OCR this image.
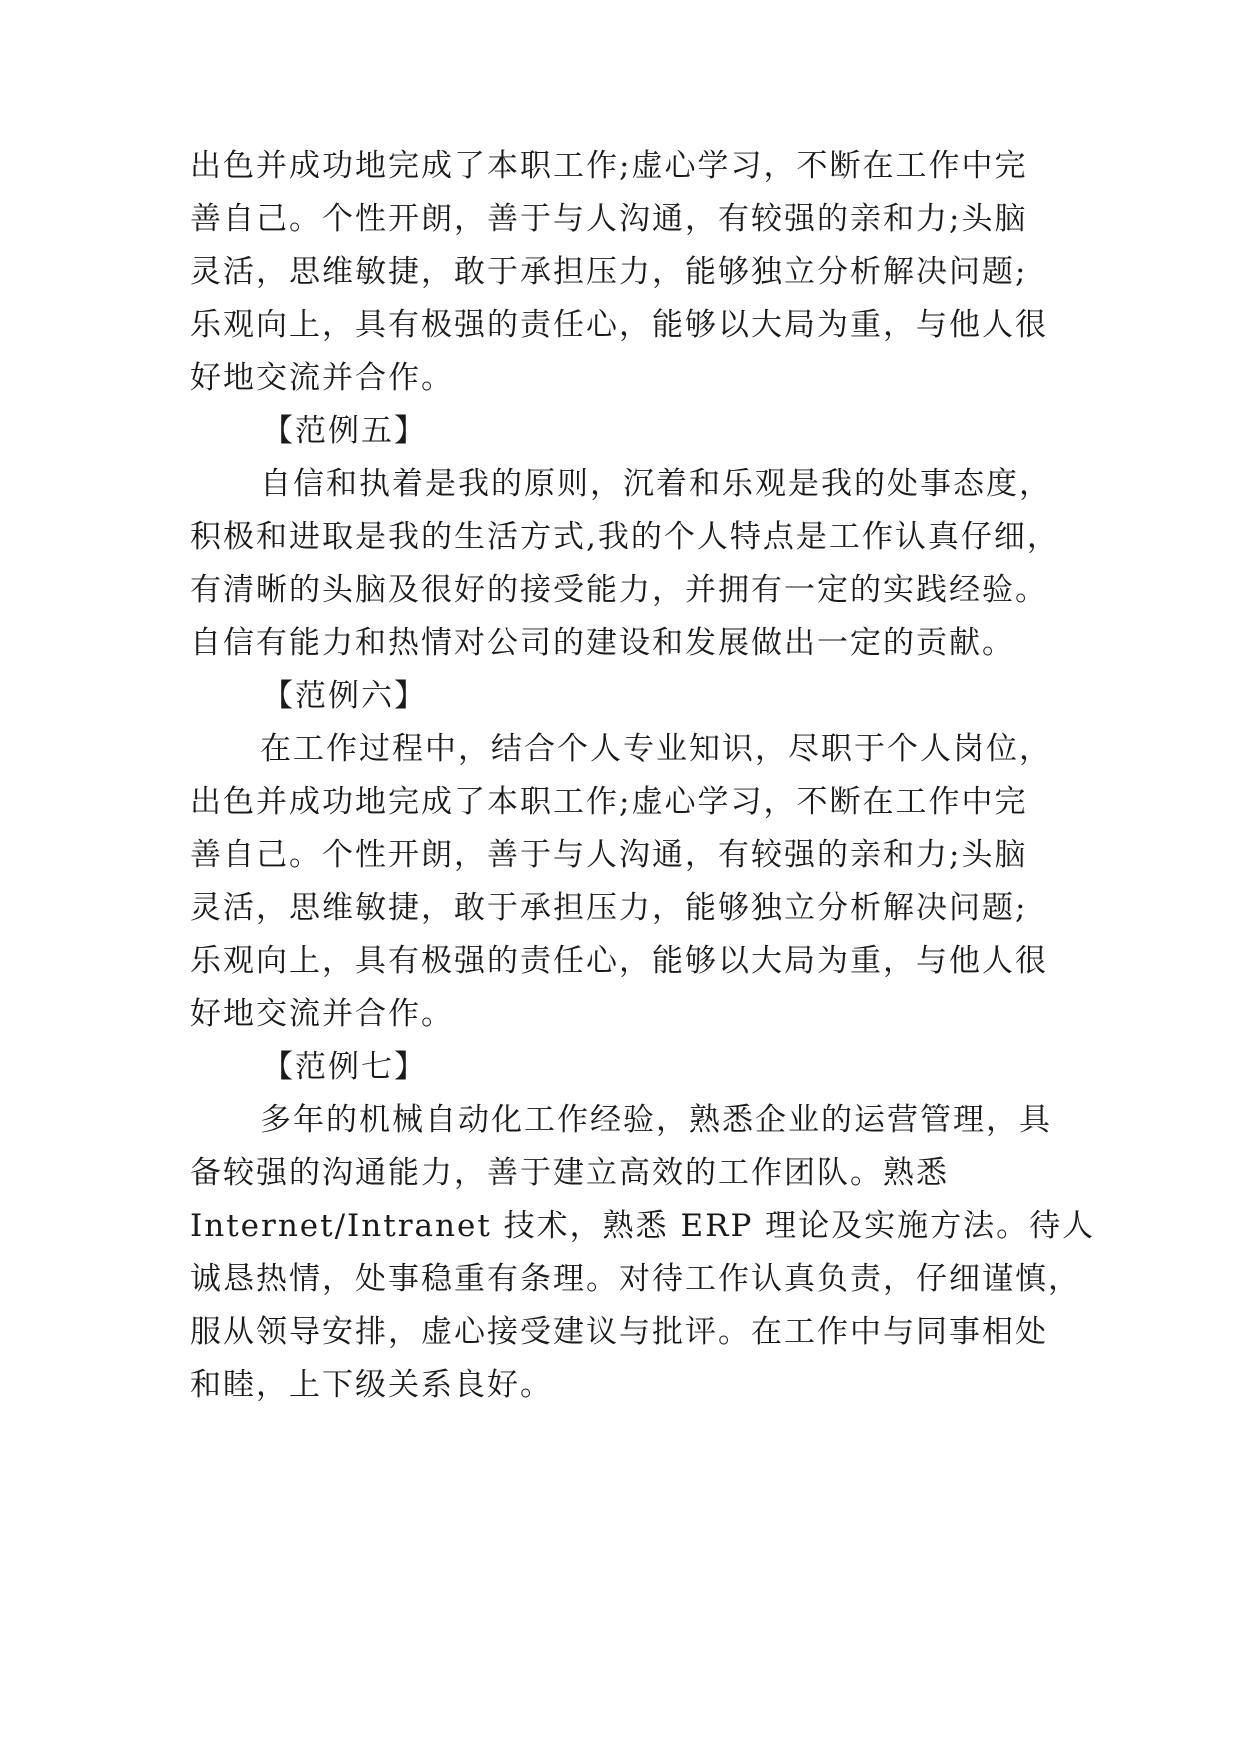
出色并成功地完成了本职工作;虚心学习，不断在工作中完
善自己。个性开朗，善于与人沟通，有较强的亲和力;头脑
灵活，思维敏捷，敢于承担压力，能够独立分析解决问题;
乐观向上，具有极强的责任心，能够以大局为重，与他人很
好地交流并合作。
【范例五】
自信和执着是我的原则，沉着和乐观是我的处事态度，
积极和进取是我的生活方式,我的个人特点是工作认真仔细，
有清晰的头脑及很好的接受能力，并拥有一定的实践经验。
自信有能力和热情对公司的建设和发展做出一定的贡献。
【范例六】
在工作过程中，结合个人专业知识，尽职于个人岗位，
出色并成功地完成了本职工作;虚心学习，不断在工作中完
善自己。个性开朗，善于与人沟通，有较强的亲和力;头脑
灵活，思维敏捷，敢于承担压力，能够独立分析解决问题;
乐观向上，具有极强的责任心，能够以大局为重，与他人很
好地交流并合作。
【范例七】
多年的机械自动化工作经验，熟悉企业的运营管理，具
备较强的沟通能力，善于建立高效的工作团队。熟悉
Internet/Intranet 技术，熟悉 ERP 理论及实施方法。待人
诚恳热情，处事稳重有条理。对待工作认真负责，仔细谨慎，
服从领导安排，虚心接受建议与批评。在工作中与同事相处
和睦，上下级关系良好。
